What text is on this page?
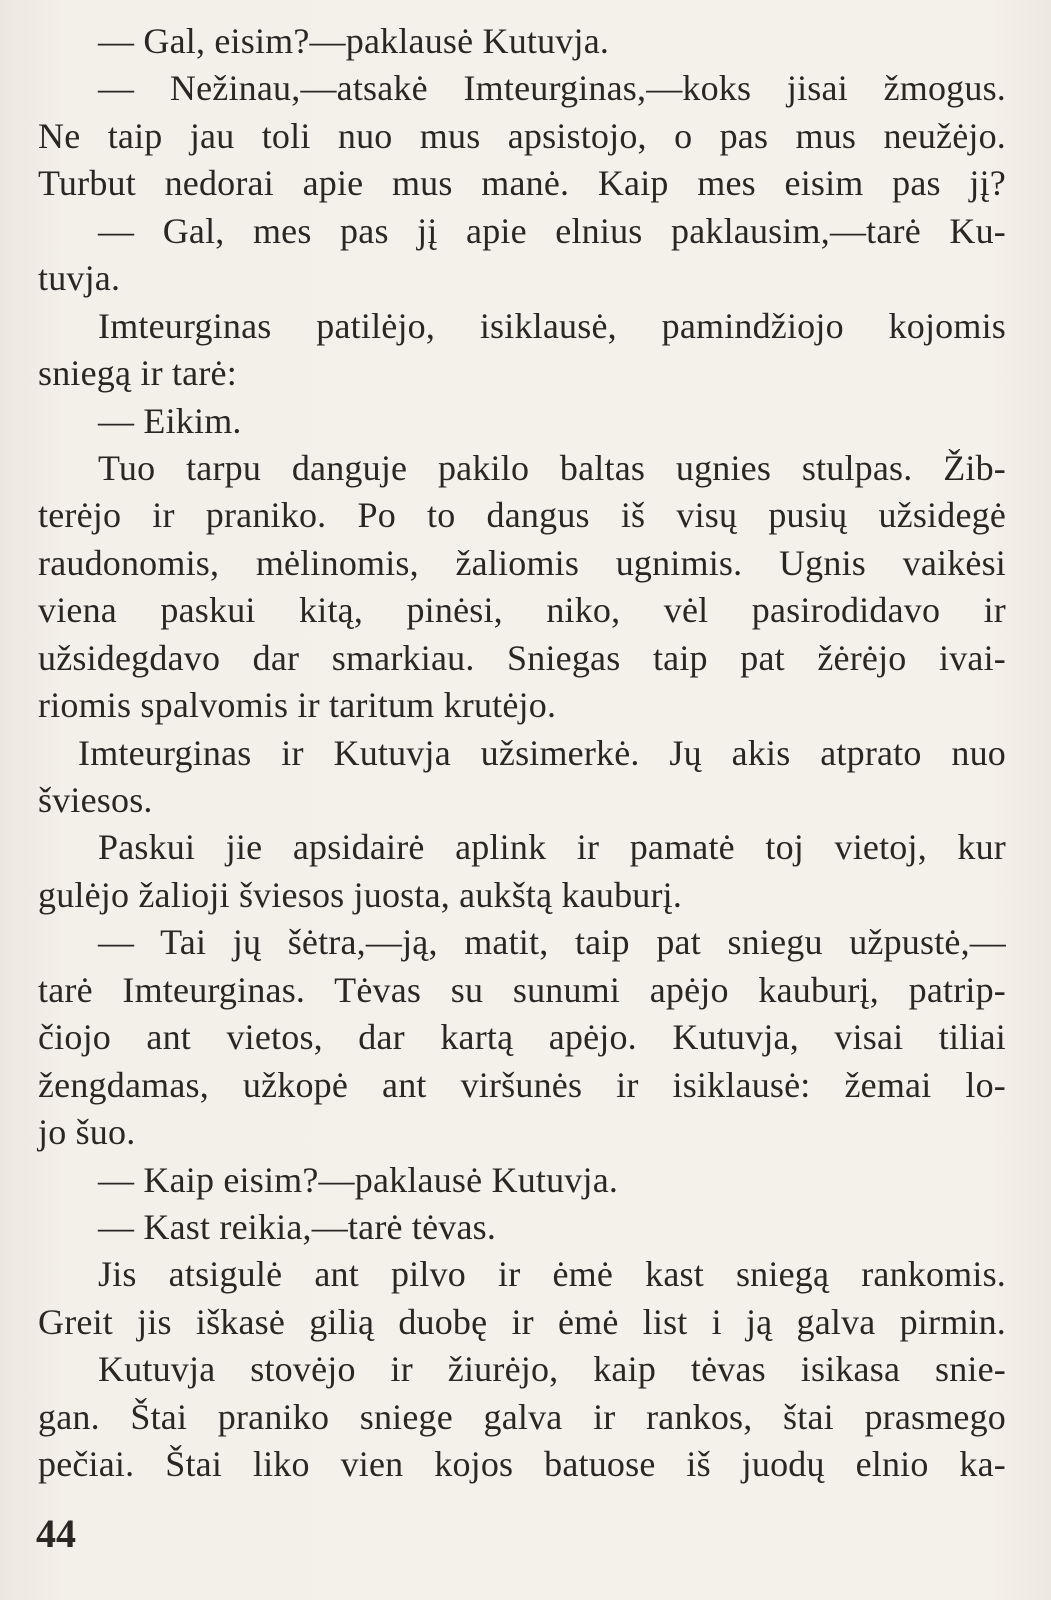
— Gal, eisim?—paklausė Kutuvja.
— Nežinau,—atsakė Imteurginas,—koks jisai žmogus.
Ne taip jau toli nuo mus apsistojo, o pas mus neužėjo.
Turbut nedorai apie mus manė. Kaip mes eisim pas jį?
— Gal, mes pas jį apie elnius paklausim,—tarė Ku-
tuvja.
Imteurginas patilėjo, isiklausė, pamindžiojo kojomis
sniegą ir tarė:
— Eikim.
Tuo tarpu danguje pakilo baltas ugnies stulpas. Žib-
terėjo ir praniko. Po to dangus iš visų pusių užsidegė
raudonomis, mėlinomis, žaliomis ugnimis. Ugnis vaikėsi
viena paskui kitą, pinėsi, niko, vėl pasirodidavo ir
užsidegdavo dar smarkiau. Sniegas taip pat žėrėjo ivai-
riomis spalvomis ir taritum krutėjo.
Imteurginas ir Kutuvja užsimerkė. Jų akis atprato nuo
šviesos.
Paskui jie apsidairė aplink ir pamatė toj vietoj, kur
gulėjo žalioji šviesos juosta, aukštą kauburį.
— Tai jų šėtra,—ją, matit, taip pat sniegu užpustė,—
tarė Imteurginas. Tėvas su sunumi apėjo kauburį, patrip-
čiojo ant vietos, dar kartą apėjo. Kutuvja, visai tiliai
žengdamas, užkopė ant viršunės ir isiklausė: žemai lo-
jo šuo.
— Kaip eisim?—paklausė Kutuvja.
— Kast reikia,—tarė tėvas.
Jis atsigulė ant pilvo ir ėmė kast sniegą rankomis.
Greit jis iškasė gilią duobę ir ėmė list i ją galva pirmin.
Kutuvja stovėjo ir žiurėjo, kaip tėvas isikasa snie-
gan. Štai praniko sniege galva ir rankos, štai prasmego
pečiai. Štai liko vien kojos batuose iš juodų elnio ka-
44
